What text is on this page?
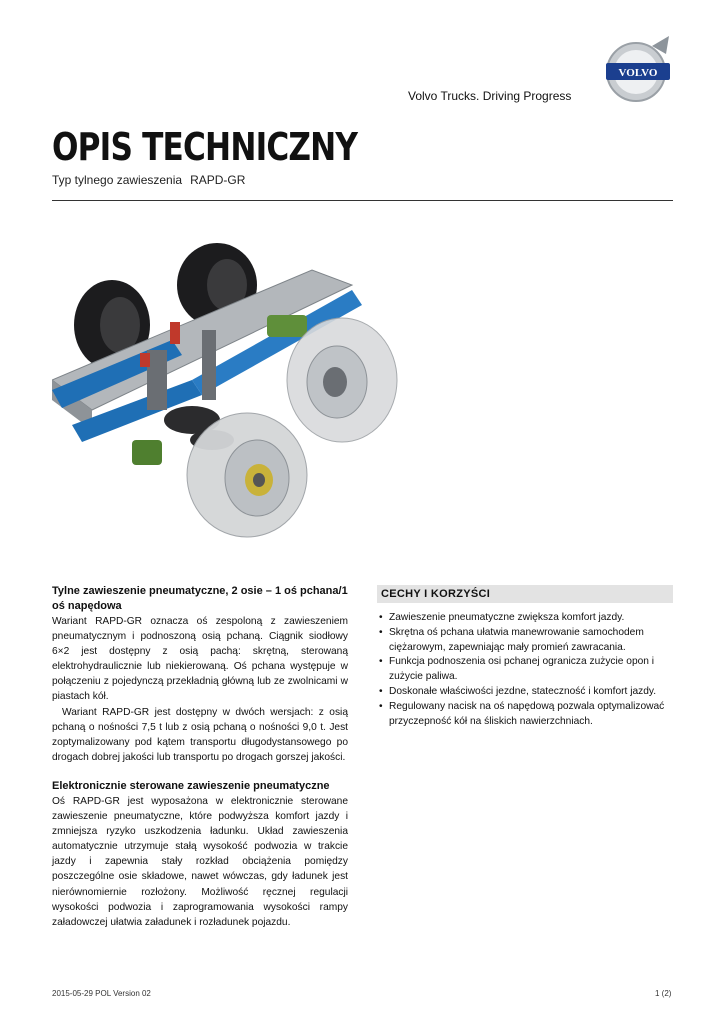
VOLVO
Volvo Trucks. Driving Progress
OPIS TECHNICZNY
Typ tylnego zawieszenia RAPD-GR
Tylne zawieszenie pneumatyczne, 2 osie – 1 oś pchana/1 oś napędowa

Wariant RAPD-GR oznacza oś zespoloną z zawieszeniem pneumatycznym i podnoszoną osią pchaną. Ciągnik siodłowy 6×2 jest dostępny z osią pachą: skrętną, sterowaną elektrohydraulicznie lub niekierowaną. Oś pchana występuje w połączeniu z pojedynczą przekładnią główną lub ze zwolnicami w piastach kół.

Wariant RAPD-GR jest dostępny w dwóch wersjach: z osią pchaną o nośności 7,5 t lub z osią pchaną o nośności 9,0 t. Jest zoptymalizowany pod kątem transportu długodystansowego po drogach dobrej jakości lub transportu po drogach gorszej jakości.

Elektronicznie sterowane zawieszenie pneumatyczne

Oś RAPD-GR jest wyposażona w elektronicznie sterowane zawieszenie pneumatyczne, które podwyższa komfort jazdy i zmniejsza ryzyko uszkodzenia ładunku. Układ zawieszenia automatycznie utrzymuje stałą wysokość podwozia w trakcie jazdy i zapewnia stały rozkład obciążenia pomiędzy poszczególne osie składowe, nawet wówczas, gdy ładunek jest nierównomiernie rozłożony. Możliwość ręcznej regulacji wysokości podwozia i zaprogramowania wysokości rampy załadowczej ułatwia załadunek i rozładunek pojazdu.

CECHY I KORZYŚCI
• Zawieszenie pneumatyczne zwiększa komfort jazdy.
• Skrętna oś pchana ułatwia manewrowanie samochodem ciężarowym, zapewniając mały promień zawracania.
• Funkcja podnoszenia osi pchanej ogranicza zużycie opon i zużycie paliwa.
• Doskonałe właściwości jezdne, stateczność i komfort jazdy.
• Regulowany nacisk na oś napędową pozwala optymalizować przyczepność kół na śliskich nawierzchniach.
2015-05-29 POL Version 02	1 (2)
